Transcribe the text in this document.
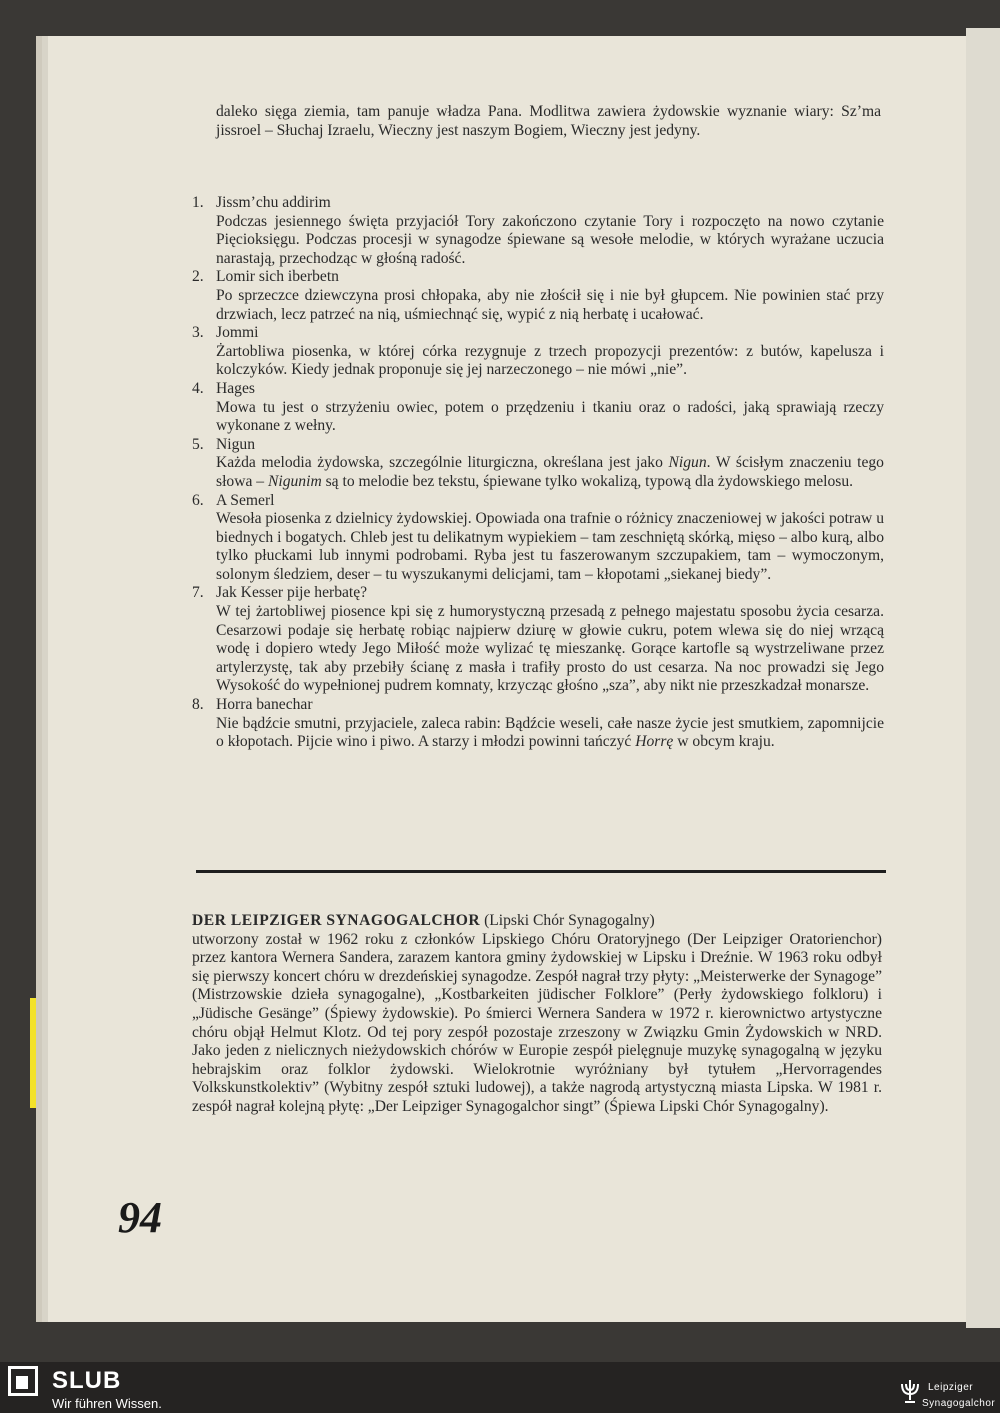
daleko sięga ziemia, tam panuje władza Pana. Modlitwa zawiera żydowskie wyznanie wiary: Sz’ma jissroel – Słuchaj Izraelu, Wieczny jest naszym Bogiem, Wieczny jest jedyny.
1. Jissm’chu addirim
Podczas jesiennego święta przyjaciół Tory zakończono czytanie Tory i rozpoczęto na nowo czytanie Pięcioksięgu. Podczas procesji w synagodze śpiewane są wesołe melodie, w których wyrażane uczucia narastają, przechodząc w głośną radość.
2. Lomir sich iberbetn
Po sprzeczce dziewczyna prosi chłopaka, aby nie złościł się i nie był głupcem. Nie powinien stać przy drzwiach, lecz patrzeć na nią, uśmiechnąć się, wypić z nią herbatę i ucałować.
3. Jommi
Żartobliwa piosenka, w której córka rezygnuje z trzech propozycji prezentów: z butów, kapelusza i kolczyków. Kiedy jednak proponuje się jej narzeczonego – nie mówi „nie”.
4. Hages
Mowa tu jest o strzyżeniu owiec, potem o przędzeniu i tkaniu oraz o radości, jaką sprawiają rzeczy wykonane z wełny.
5. Nigun
Każda melodia żydowska, szczególnie liturgiczna, określana jest jako Nigun. W ścisłym znaczeniu tego słowa – Nigunim są to melodie bez tekstu, śpiewane tylko wokalizą, typową dla żydowskiego melosu.
6. A Semerl
Wesoła piosenka z dzielnicy żydowskiej. Opowiada ona trafnie o różnicy znaczeniowej w jakości potraw u biednych i bogatych. Chleb jest tu delikatnym wypiekiem – tam zeschniętą skórką, mięso – albo kurą, albo tylko płuckami lub innymi podrobami. Ryba jest tu faszerowanym szczupakiem, tam – wymoczonym, solonym śledziem, deser – tu wyszukanymi delicjami, tam – kłopotami „siekanej biedy”.
7. Jak Kesser pije herbatę?
W tej żartobliwej piosence kpi się z humorystyczną przesadą z pełnego majestatu sposobu życia cesarza. Cesarzowi podaje się herbatę robiąc najpierw dziurę w głowie cukru, potem wlewa się do niej wrzącą wodę i dopiero wtedy Jego Miłość może wylizać tę mieszankę. Gorące kartofle są wystrzeliwane przez artylerzystę, tak aby przebiły ścianę z masła i trafiły prosto do ust cesarza. Na noc prowadzi się Jego Wysokość do wypełnionej pudrem komnaty, krzycząc głośno „sza”, aby nikt nie przeszkadzał monarsze.
8. Horra banechar
Nie bądźcie smutni, przyjaciele, zaleca rabin: Bądźcie weseli, całe nasze życie jest smutkiem, zapomnijcie o kłopotach. Pijcie wino i piwo. A starzy i młodzi powinni tańczyć Horrę w obcym kraju.
DER LEIPZIGER SYNAGOGALCHOR (Lipski Chór Synagogalny)
utworzony został w 1962 roku z członków Lipskiego Chóru Oratoryjnego (Der Leipziger Oratorienchor) przez kantora Wernera Sandera, zarazem kantora gminy żydowskiej w Lipsku i Dreźnie. W 1963 roku odbył się pierwszy koncert chóru w drezdeńskiej synagodze. Zespół nagrał trzy płyty: „Meisterwerke der Synagoge” (Mistrzowskie dzieła synagogalne), „Kostbarkeiten jüdischer Folklore” (Perły żydowskiego folkloru) i „Jüdische Gesänge” (Śpiewy żydowskie). Po śmierci Wernera Sandera w 1972 r. kierownictwo artystyczne chóru objął Helmut Klotz. Od tej pory zespół pozostaje zrzeszony w Związku Gmin Żydowskich w NRD. Jako jeden z nielicznych nieżydowskich chórów w Europie zespół pielęgnuje muzykę synagogalną w języku hebrajskim oraz folklor żydowski. Wielokrotnie wyróżniany był tytułem „Hervorragendes Volkskunstkolektiv” (Wybitny zespół sztuki ludowej), a także nagrodą artystyczną miasta Lipska. W 1981 r. zespół nagrał kolejną płytę: „Der Leipziger Synagogalchor singt” (Śpiewa Lipski Chór Synagogalny).
94
SLUB
Wir führen Wissen.
Leipziger
Synagogalchor
